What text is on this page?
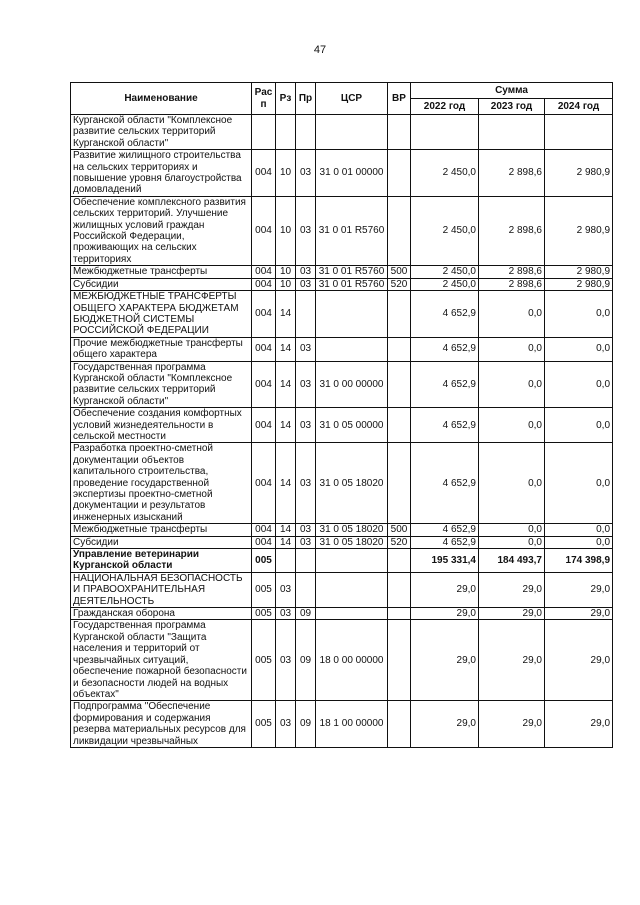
47
Наименование	Рас п	Рз	Пр	ЦСР	ВР	Сумма		
						2022 год	2023 год	2024 год
Курганской области "Комплексное развитие сельских территорий Курганской области"								
Развитие жилищного строительства на сельских территориях и повышение уровня благоустройства домовладений	004	10	03	31 0 01 00000		2 450,0	2 898,6	2 980,9
Обеспечение комплексного развития сельских территорий. Улучшение жилищных условий граждан Российской Федерации, проживающих на сельских территориях	004	10	03	31 0 01 R5760		2 450,0	2 898,6	2 980,9
Межбюджетные трансферты	004	10	03	31 0 01 R5760	500	2 450,0	2 898,6	2 980,9
Субсидии	004	10	03	31 0 01 R5760	520	2 450,0	2 898,6	2 980,9
МЕЖБЮДЖЕТНЫЕ ТРАНСФЕРТЫ ОБЩЕГО ХАРАКТЕРА БЮДЖЕТАМ БЮДЖЕТНОЙ СИСТЕМЫ РОССИЙСКОЙ ФЕДЕРАЦИИ	004	14				4 652,9	0,0	0,0
Прочие межбюджетные трансферты общего характера	004	14	03			4 652,9	0,0	0,0
Государственная программа Курганской области "Комплексное развитие сельских территорий Курганской области"	004	14	03	31 0 00 00000		4 652,9	0,0	0,0
Обеспечение создания комфортных условий жизнедеятельности в сельской местности	004	14	03	31 0 05 00000		4 652,9	0,0	0,0
Разработка проектно-сметной документации объектов капитального строительства, проведение государственной экспертизы проектно-сметной документации и результатов инженерных изысканий	004	14	03	31 0 05 18020		4 652,9	0,0	0,0
Межбюджетные трансферты	004	14	03	31 0 05 18020	500	4 652,9	0,0	0,0
Субсидии	004	14	03	31 0 05 18020	520	4 652,9	0,0	0,0
Управление ветеринарии Курганской области	005					195 331,4	184 493,7	174 398,9
НАЦИОНАЛЬНАЯ БЕЗОПАСНОСТЬ И ПРАВООХРАНИТЕЛЬНАЯ ДЕЯТЕЛЬНОСТЬ	005	03				29,0	29,0	29,0
Гражданская оборона	005	03	09			29,0	29,0	29,0
Государственная программа Курганской области "Защита населения и территорий от чрезвычайных ситуаций, обеспечение пожарной безопасности и безопасности людей на водных объектах"	005	03	09	18 0 00 00000		29,0	29,0	29,0
Подпрограмма "Обеспечение формирования и содержания резерва материальных ресурсов для ликвидации чрезвычайных	005	03	09	18 1 00 00000		29,0	29,0	29,0
